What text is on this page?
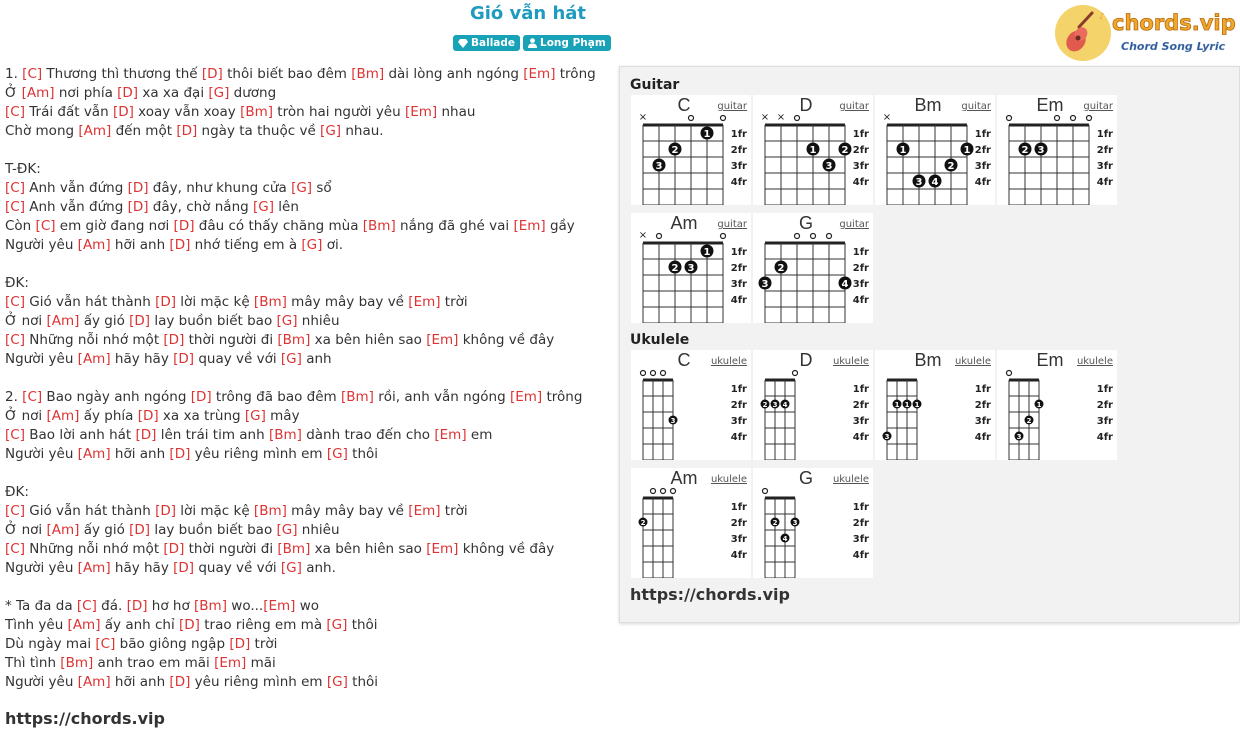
Gió vẫn hát
Ballade Long Phạm
♪ chords.vip
Chord Song Lyric
1. [C] Thương thì thương thế [D] thôi biết bao đêm [Bm] dài lòng anh ngóng [Em] trông
Ở [Am] nơi phía [D] xa xa đại [G] dương
[C] Trái đất vẫn [D] xoay vẫn xoay [Bm] tròn hai người yêu [Em] nhau
Chờ mong [Am] đến một [D] ngày ta thuộc về [G] nhau.
T-ĐK:
[C] Anh vẫn đứng [D] đây, như khung cửa [G] sổ
[C] Anh vẫn đứng [D] đây, chờ nắng [G] lên
Còn [C] em giờ đang nơi [D] đâu có thấy chăng mùa [Bm] nắng đã ghé vai [Em] gầy
Người yêu [Am] hỡi anh [D] nhớ tiếng em à [G] ơi.
ĐK:
[C] Gió vẫn hát thành [D] lời mặc kệ [Bm] mây mây bay về [Em] trời
Ở nơi [Am] ấy gió [D] lay buồn biết bao [G] nhiêu
[C] Những nỗi nhớ một [D] thời người đi [Bm] xa bên hiên sao [Em] không về đây
Người yêu [Am] hãy hãy [D] quay về với [G] anh
2. [C] Bao ngày anh ngóng [D] trông đã bao đêm [Bm] rồi, anh vẫn ngóng [Em] trông
Ở nơi [Am] ấy phía [D] xa xa trùng [G] mây
[C] Bao lời anh hát [D] lên trái tim anh [Bm] dành trao đến cho [Em] em
Người yêu [Am] hỡi anh [D] yêu riêng mình em [G] thôi
ĐK:
[C] Gió vẫn hát thành [D] lời mặc kệ [Bm] mây mây bay về [Em] trời
Ở nơi [Am] ấy gió [D] lay buồn biết bao [G] nhiêu
[C] Những nỗi nhớ một [D] thời người đi [Bm] xa bên hiên sao [Em] không về đây
Người yêu [Am] hãy hãy [D] quay về với [G] anh.
* Ta đa da [C] đá. [D] hơ hơ [Bm] wo...[Em] wo
Tình yêu [Am] ấy anh chỉ [D] trao riêng em mà [G] thôi
Dù ngày mai [C] bão giông ngập [D] trời
Thì tình [Bm] anh trao em mãi [Em] mãi
Người yêu [Am] hỡi anh [D] yêu riêng mình em [G] thôi
https://chords.vip
Guitar
Ukulele
C	guitar
×
1
2
3
1fr
2fr
3fr
4fr
D	guitar
× ×
1	2
3
1fr
2fr
3fr
4fr
Bm	guitar
×
1	1
2
3 4
1fr
2fr
3fr
4fr
Em	guitar
2 3
1fr
2fr
3fr
4fr
Am	guitar
×
1
2 3
1fr
2fr
3fr
4fr
G	guitar
2
3	4
1fr
2fr
3fr
4fr
C	ukulele
3
1fr
2fr
3fr
4fr
D	ukulele
2 3 4
1fr
2fr
3fr
4fr
Bm	ukulele
1 1 1
3
1fr
2fr
3fr
4fr
Em	ukulele
1
2
3
1fr
2fr
3fr
4fr
Am	ukulele
2
1fr
2fr
3fr
4fr
G	ukulele
2 3
4
1fr
2fr
3fr
4fr
https://chords.vip
